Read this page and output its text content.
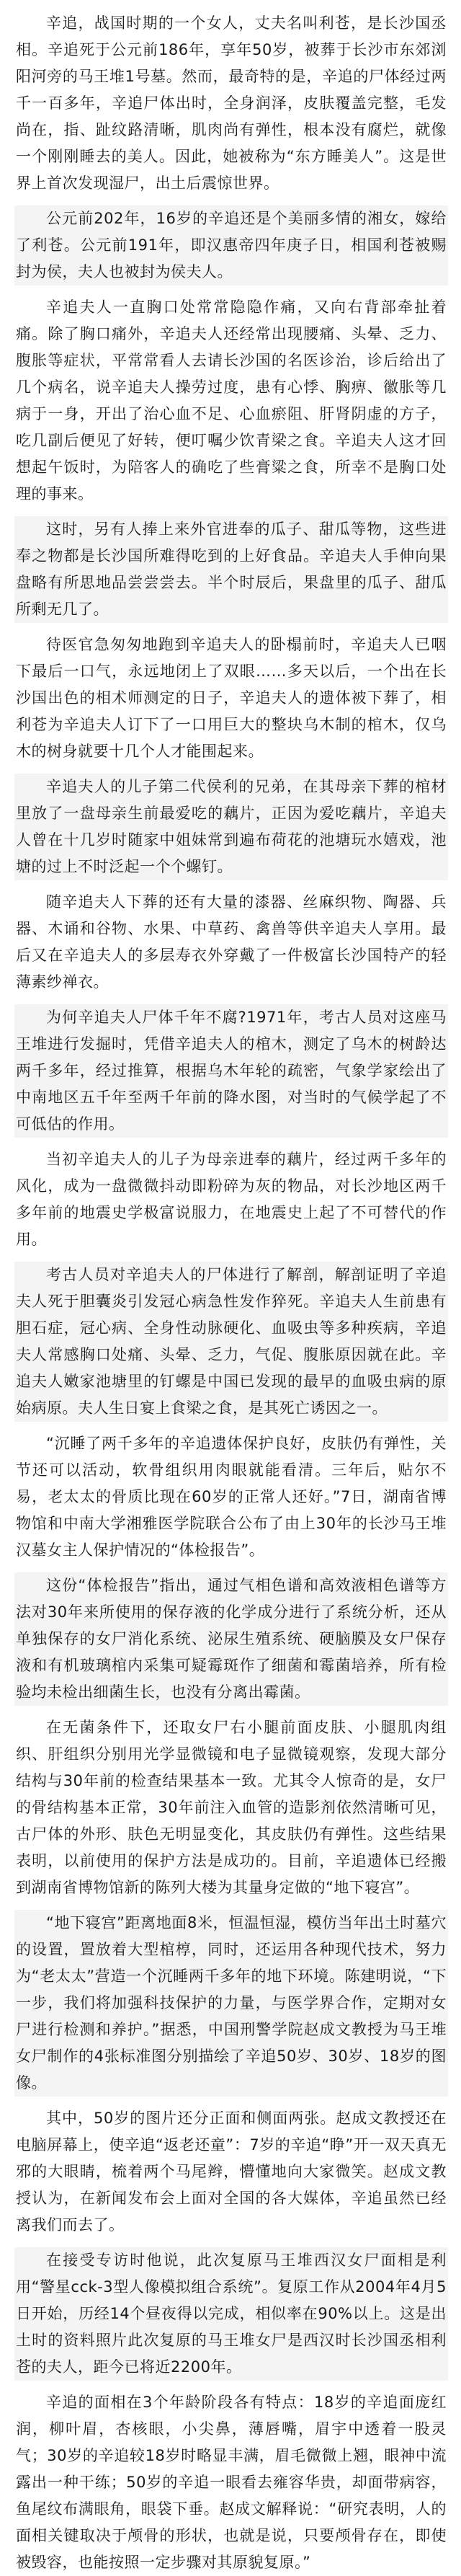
辛追，战国时期的一个女人，丈夫名叫利苍，是长沙国丞相。辛追死于公元前186年，享年50岁，被葬于长沙市东郊浏阳河旁的马王堆1号墓。然而，最奇特的是，辛追的尸体经过两千一百多年，辛追尸体出时，全身润泽，皮肤覆盖完整，毛发尚在，指、趾纹路清晰，肌肉尚有弹性，根本没有腐烂，就像一个刚刚睡去的美人。因此，她被称为“东方睡美人”。这是世界上首次发现湿尸，出土后震惊世界。

公元前202年，16岁的辛追还是个美丽多情的湘女，嫁给了利苍。公元前191年，即汉惠帝四年庚子日，相国利苍被赐封为侯，夫人也被封为侯夫人。

辛追夫人一直胸口处常常隐隐作痛，又向右背部牵扯着痛。除了胸口痛外，辛追夫人还经常出现腰痛、头晕、乏力、腹胀等症状，平常常看人去请长沙国的名医诊治，诊后给出了几个病名，说辛追夫人操劳过度，患有心悸、胸痹、徽胀等几病于一身，开出了治心血不足、心血瘀阻、肝肾阴虚的方子，吃几副后便见了好转，便叮嘱少饮青梁之食。辛追夫人这才回想起午饭时，为陪客人的确吃了些膏粱之食，所幸不是胸口处理的事来。

这时，另有人捧上来外官进奉的瓜子、甜瓜等物，这些进奉之物都是长沙国所难得吃到的上好食品。辛追夫人手伸向果盘略有所思地品尝尝尝去。半个时辰后，果盘里的瓜子、甜瓜所剩无几了。

待医官急匆匆地跑到辛追夫人的卧榻前时，辛追夫人已咽下最后一口气，永远地闭上了双眼……多天以后，一个出在长沙国出色的相术师测定的日子，辛追夫人的遗体被下葬了，相利苍为辛追夫人订下了一口用巨大的整块乌木制的棺木，仅乌木的树身就要十几个人才能围起来。

辛追夫人的儿子第二代侯利的兄弟，在其母亲下葬的棺材里放了一盘母亲生前最爱吃的藕片，正因为爱吃藕片，辛追夫人曾在十几岁时随家中姐妹常到遍布荷花的池塘玩水嬉戏，池塘的过上不时泛起一个个螺钉。

随辛追夫人下葬的还有大量的漆器、丝麻织物、陶器、兵器、木诵和谷物、水果、中草药、禽兽等供辛追夫人享用。最后又在辛追夫人的多层寿衣外穿戴了一件极富长沙国特产的轻薄素纱禅衣。

为何辛追夫人尸体千年不腐?1971年，考古人员对这座马王堆进行发掘时，凭借辛追夫人的棺木，测定了乌木的树龄达两千多年，经过推算，根据乌木年轮的疏密，气象学家绘出了中南地区五千年至两千年前的降水图，对当时的气候学起了不可低估的作用。

当初辛追夫人的儿子为母亲进奉的藕片，经过两千多年的风化，成为一盘微微抖动即粉碎为灰的物品，对长沙地区两千多年前的地震史学极富说服力，在地震史上起了不可替代的作用。

考古人员对辛追夫人的尸体进行了解剖，解剖证明了辛追夫人死于胆囊炎引发冠心病急性发作猝死。辛追夫人生前患有胆石症，冠心病、全身性动脉硬化、血吸虫等多种疾病，辛追夫人常感胸口处痛、头晕、乏力，气促、腹胀原因就在此。辛追夫人嫩家池塘里的钉螺是中国已发现的最早的血吸虫病的原始病原。夫人生日宴上食梁之食，是其死亡诱因之一。

“沉睡了两千多年的辛追遗体保护良好，皮肤仍有弹性，关节还可以活动，软骨组织用肉眼就能看清。三年后，贴尔不易，老太太的骨质比现在60岁的正常人还好。”7日，湖南省博物馆和中南大学湘雅医学院联合公布了由上30年的长沙马王堆汉墓女主人保护情况的“体检报告”。

这份“体检报告”指出，通过气相色谱和高效液相色谱等方法对30年来所使用的保存液的化学成分进行了系统分析，还从单独保存的女尸消化系统、泌尿生殖系统、硬脑膜及女尸保存液和有机玻璃棺内采集可疑霉斑作了细菌和霉菌培养，所有检验均未检出细菌生长，也没有分离出霉菌。

在无菌条件下，还取女尸右小腿前面皮肤、小腿肌肉组织、肝组织分别用光学显微镜和电子显微镜观察，发现大部分结构与30年前的检查结果基本一致。尤其令人惊奇的是，女尸的骨结构基本正常，30年前注入血管的造影剂依然清晰可见，古尸体的外形、肤色无明显变化，其皮肤仍有弹性。这些结果表明，以前使用的保护方法是成功的。目前，辛追遗体已经搬到湖南省博物馆新的陈列大楼为其量身定做的“地下寝宫”。

“地下寝宫”距离地面8米，恒温恒湿，模仿当年出土时墓穴的设置，置放着大型棺椁，同时，还运用各种现代技术，努力为“老太太”营造一个沉睡两千多年的地下环境。陈建明说，“下一步，我们将加强科技保护的力量，与医学界合作，定期对女尸进行检测和养护。”据悉，中国刑警学院赵成文教授为马王堆女尸制作的4张标准图分别描绘了辛追50岁、30岁、18岁的图像。

其中，50岁的图片还分正面和侧面两张。赵成文教授还在电脑屏幕上，使辛追“返老还童”：7岁的辛追“睁”开一双天真无邪的大眼睛，梳着两个马尾辫，懵懂地向大家微笑。赵成文教授认为，在新闻发布会上面对全国的各大媒体，辛追虽然已经离我们而去了。

在接受专访时他说，此次复原马王堆西汉女尸面相是利用“警星cck-3型人像模拟组合系统”。复原工作从2004年4月5日开始，历经14个昼夜得以完成，相似率在90%以上。这是出土时的资料照片此次复原的马王堆女尸是西汉时长沙国丞相利苍的夫人，距今已将近2200年。

辛追的面相在3个年龄阶段各有特点：18岁的辛追面庞红润，柳叶眉，杏核眼，小尖鼻，薄唇嘴，眉宇中透着一股灵气；30岁的辛追较18岁时略显丰满，眉毛微微上翘，眼神中流露出一种干练；50岁的辛追一眼看去雍容华贵，却面带病容，鱼尾纹布满眼角，眼袋下垂。赵成文解释说：“研究表明，人的面相关键取决于颅骨的形状，也就是说，只要颅骨存在，即使被毁容，也能按照一定步骤对其原貌复原。”
